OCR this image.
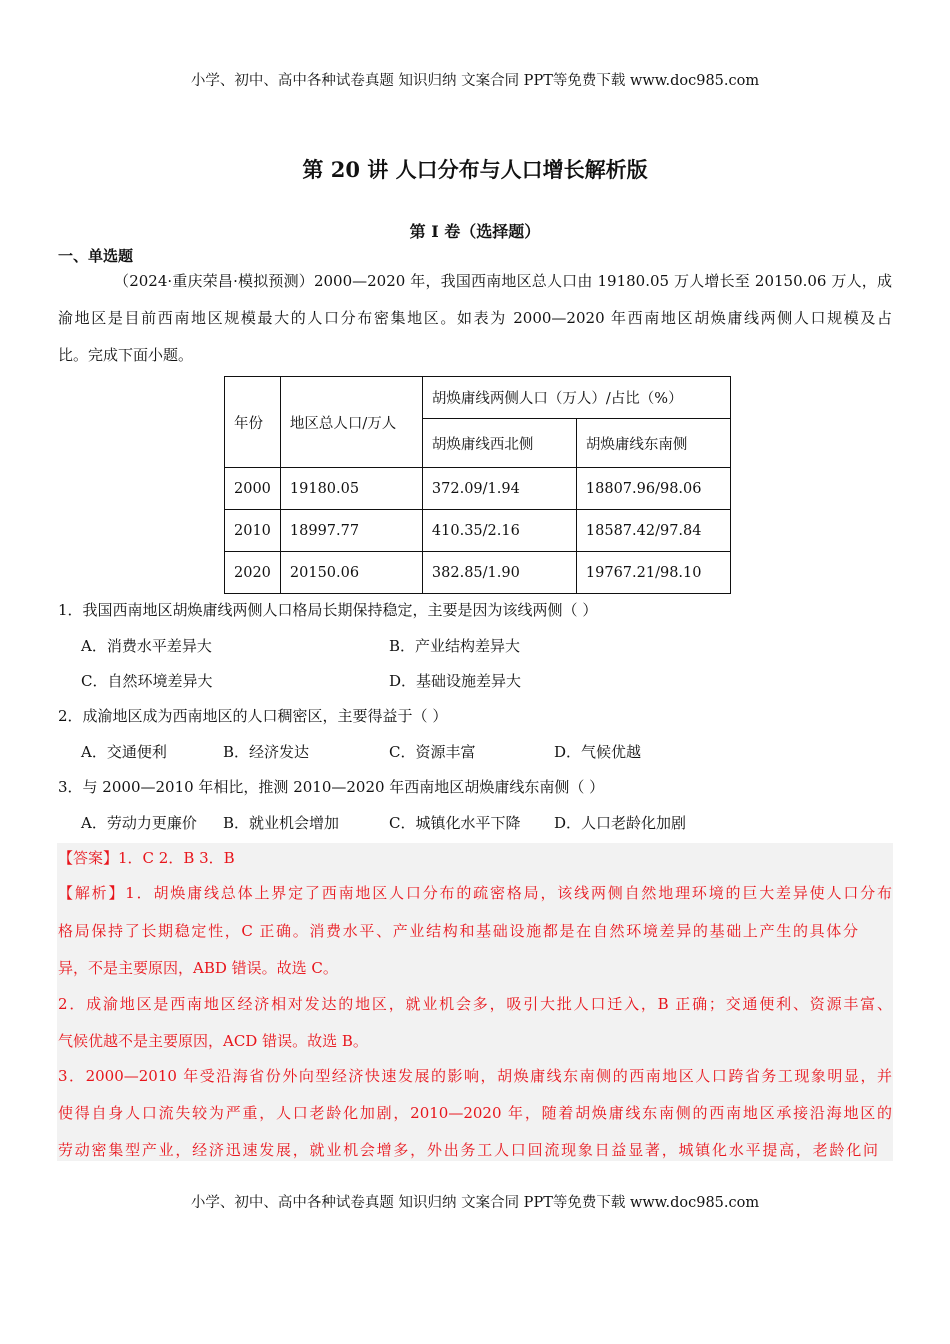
小学、初中、高中各种试卷真题 知识归纳 文案合同 PPT等免费下载 www.doc985.com
第 20 讲 人口分布与人口增长解析版
第 I 卷（选择题）
一、单选题
（2024·重庆荣昌·模拟预测）2000—2020 年，我国西南地区总人口由 19180.05 万人增长至 20150.06 万人，成
渝地区是目前西南地区规模最大的人口分布密集地区。如表为 2000—2020 年西南地区胡焕庸线两侧人口规模及占
比。完成下面小题。
年份	地区总人口/万人	胡焕庸线两侧人口（万人）/占比（%）	
		胡焕庸线西北侧	胡焕庸线东南侧
2000	19180.05	372.09/1.94	18807.96/98.06
2010	18997.77	410.35/2.16	18587.42/97.84
2020	20150.06	382.85/1.90	19767.21/98.10
1．我国西南地区胡焕庸线两侧人口格局长期保持稳定，主要是因为该线两侧（ ）
A．消费水平差异大	B．产业结构差异大
C．自然环境差异大	D．基础设施差异大
2．成渝地区成为西南地区的人口稠密区，主要得益于（ ）
A．交通便利	B．经济发达	C．资源丰富	D．气候优越
3．与 2000—2010 年相比，推测 2010—2020 年西南地区胡焕庸线东南侧（ ）
A．劳动力更廉价 B．就业机会增加	C．城镇化水平下降 D．人口老龄化加剧
【答案】1．C 2．B 3．B
【解析】1．胡焕庸线总体上界定了西南地区人口分布的疏密格局，该线两侧自然地理环境的巨大差异使人口分布
格局保持了长期稳定性，C 正确。消费水平、产业结构和基础设施都是在自然环境差异的基础上产生的具体分
异，不是主要原因，ABD 错误。故选 C。
2．成渝地区是西南地区经济相对发达的地区，就业机会多，吸引大批人口迁入，B 正确；交通便利、资源丰富、
气候优越不是主要原因，ACD 错误。故选 B。
3．2000—2010 年受沿海省份外向型经济快速发展的影响，胡焕庸线东南侧的西南地区人口跨省务工现象明显，并
使得自身人口流失较为严重，人口老龄化加剧，2010—2020 年，随着胡焕庸线东南侧的西南地区承接沿海地区的
劳动密集型产业，经济迅速发展，就业机会增多，外出务工人口回流现象日益显著，城镇化水平提高，老龄化问
小学、初中、高中各种试卷真题 知识归纳 文案合同 PPT等免费下载 www.doc985.com
